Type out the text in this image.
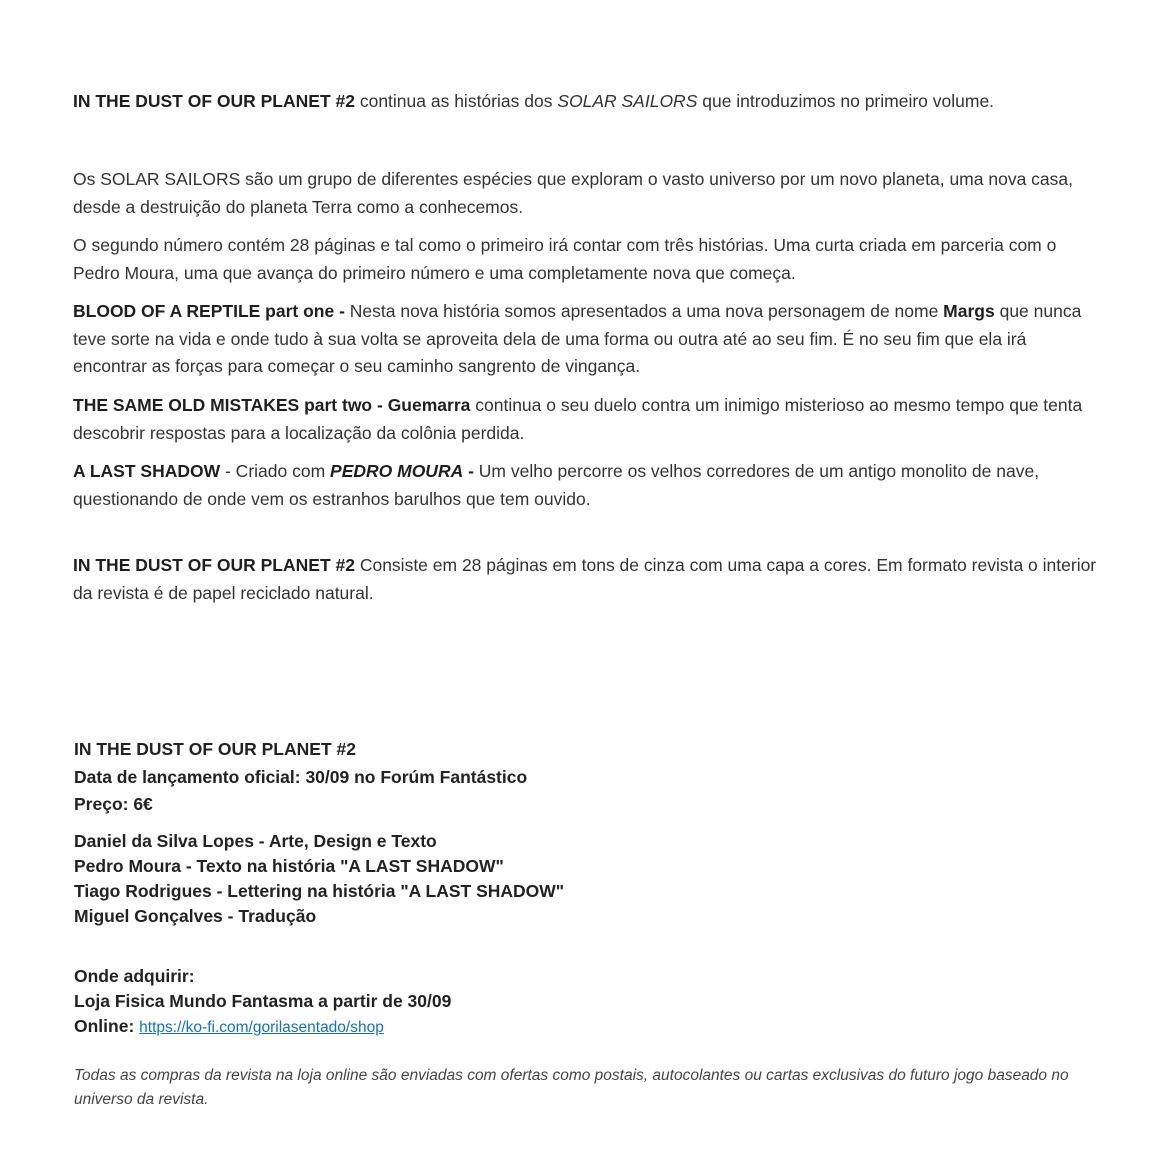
IN THE DUST OF OUR PLANET #2 continua as histórias dos SOLAR SAILORS que introduzimos no primeiro volume.

Os SOLAR SAILORS são um grupo de diferentes espécies que exploram o vasto universo por um novo planeta, uma nova casa, desde a destruição do planeta Terra como a conhecemos.

O segundo número contém 28 páginas e tal como o primeiro irá contar com três histórias. Uma curta criada em parceria com o Pedro Moura, uma que avança do primeiro número e uma completamente nova que começa.

BLOOD OF A REPTILE part one - Nesta nova história somos apresentados a uma nova personagem de nome Margs que nunca teve sorte na vida e onde tudo à sua volta se aproveita dela de uma forma ou outra até ao seu fim. É no seu fim que ela irá encontrar as forças para começar o seu caminho sangrento de vingança.

THE SAME OLD MISTAKES part two - Guemarra continua o seu duelo contra um inimigo misterioso ao mesmo tempo que tenta descobrir respostas para a localização da colônia perdida.

A LAST SHADOW - Criado com PEDRO MOURA - Um velho percorre os velhos corredores de um antigo monolito de nave, questionando de onde vem os estranhos barulhos que tem ouvido.

IN THE DUST OF OUR PLANET #2 Consiste em 28 páginas em tons de cinza com uma capa a cores. Em formato revista o interior da revista é de papel reciclado natural.

IN THE DUST OF OUR PLANET #2
Data de lançamento oficial: 30/09 no Forúm Fantástico
Preço: 6€
Daniel da Silva Lopes - Arte, Design e Texto
Pedro Moura - Texto na história "A LAST SHADOW"
Tiago Rodrigues - Lettering na história "A LAST SHADOW"
Miguel Gonçalves - Tradução
Onde adquirir:
Loja Fisica Mundo Fantasma a partir de 30/09
Online: https://ko-fi.com/gorilasentado/shop

Todas as compras da revista na loja online são enviadas com ofertas como postais, autocolantes ou cartas exclusivas do futuro jogo baseado no universo da revista.
